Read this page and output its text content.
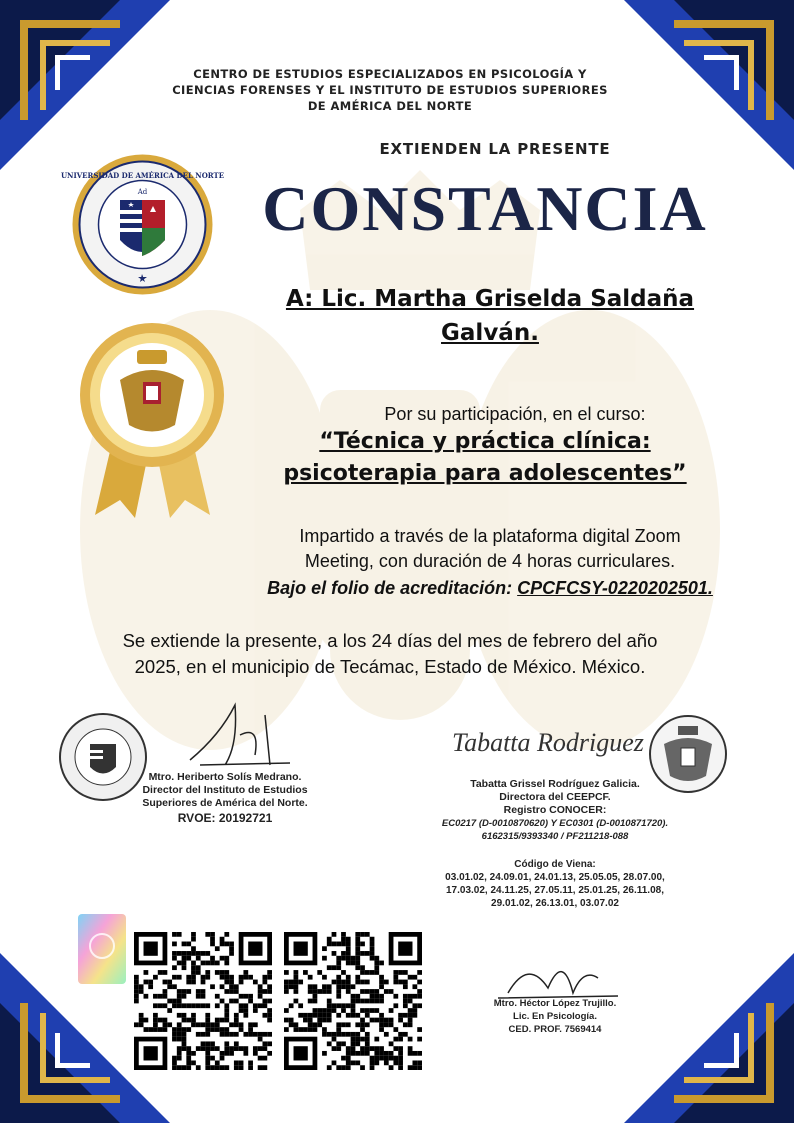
CENTRO DE ESTUDIOS ESPECIALIZADOS EN PSICOLOGÍA Y
CIENCIAS FORENSES Y EL INSTITUTO DE ESTUDIOS SUPERIORES
DE AMÉRICA DEL NORTE
EXTIENDEN LA PRESENTE
CONSTANCIA
Ad
UNIVERSIDAD DE AMÉRICA DEL NORTE
A: Lic. Martha Griselda Saldaña
Galván.
Por su participación, en el curso:
“Técnica y práctica clínica:
psicoterapia para adolescentes”
Impartido a través de la plataforma digital Zoom
Meeting, con duración de 4 horas curriculares.
Bajo el folio de acreditación: CPCFCSY-0220202501.
Se extiende la presente, a los 24 días del mes de febrero del año
2025, en el municipio de Tecámac, Estado de México. México.
Mtro. Heriberto Solís Medrano.
Director del Instituto de Estudios
Superiores de América del Norte.
RVOE: 20192721
Tabatta Rodriguez
Tabatta Grissel Rodríguez Galicia.
Directora del CEEPCF.
Registro CONOCER:
EC0217 (D-0010870620) Y EC0301 (D-0010871720).
6162315/9393340 / PF211218-088
Código de Viena:
03.01.02, 24.09.01, 24.01.13, 25.05.05, 28.07.00,
17.03.02, 24.11.25, 27.05.11, 25.01.25, 26.11.08,
29.01.02, 26.13.01, 03.07.02
Mtro. Héctor López Trujillo.
Lic. En Psicología.
CED. PROF. 7569414
